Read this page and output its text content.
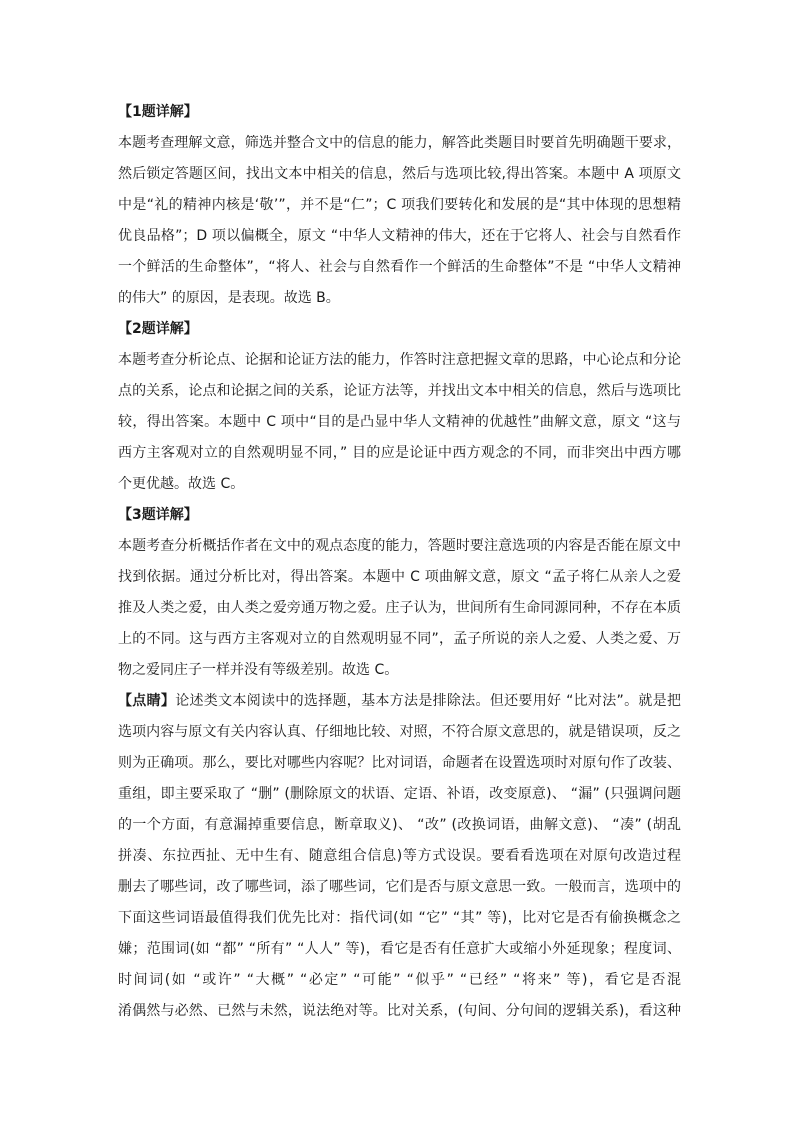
【1题详解】
本题考查理解文意，筛选并整合文中的信息的能力，解答此类题目时要首先明确题干要求，
然后锁定答题区间，找出文本中相关的信息，然后与选项比较,得出答案。本题中 A 项原文
中是“礼的精神内核是‘敬’”，并不是“仁”；C 项我们要转化和发展的是“其中体现的思想精
优良品格”；D 项以偏概全，原文 “中华人文精神的伟大，还在于它将人、社会与自然看作
一个鲜活的生命整体”，“将人、社会与自然看作一个鲜活的生命整体”不是 “中华人文精神
的伟大” 的原因，是表现。故选 B。
【2题详解】
本题考查分析论点、论据和论证方法的能力，作答时注意把握文章的思路，中心论点和分论
点的关系，论点和论据之间的关系，论证方法等，并找出文本中相关的信息，然后与选项比
较，得出答案。本题中 C 项中“目的是凸显中华人文精神的优越性”曲解文意，原文 “这与
西方主客观对立的自然观明显不同，” 目的应是论证中西方观念的不同，而非突出中西方哪
个更优越。故选 C。
【3题详解】
本题考查分析概括作者在文中的观点态度的能力，答题时要注意选项的内容是否能在原文中
找到依据。通过分析比对，得出答案。本题中 C 项曲解文意，原文 “孟子将仁从亲人之爱
推及人类之爱，由人类之爱旁通万物之爱。庄子认为，世间所有生命同源同种，不存在本质
上的不同。这与西方主客观对立的自然观明显不同”，孟子所说的亲人之爱、人类之爱、万
物之爱同庄子一样并没有等级差别。故选 C。
【点睛】论述类文本阅读中的选择题，基本方法是排除法。但还要用好 “比对法”。就是把
选项内容与原文有关内容认真、仔细地比较、对照，不符合原文意思的，就是错误项，反之
则为正确项。那么，要比对哪些内容呢？比对词语，命题者在设置选项时对原句作了改装、
重组，即主要采取了 “删” (删除原文的状语、定语、补语，改变原意)、 “漏” (只强调问题
的一个方面，有意漏掉重要信息，断章取义)、 “改” (改换词语，曲解文意)、 “凑” (胡乱
拼凑、东拉西扯、无中生有、随意组合信息)等方式设误。要看看选项在对原句改造过程
删去了哪些词，改了哪些词，添了哪些词，它们是否与原文意思一致。一般而言，选项中的
下面这些词语最值得我们优先比对：指代词(如 “它” “其” 等)，比对它是否有偷换概念之
嫌；范围词(如 “都” “所有” “人人” 等)，看它是否有任意扩大或缩小外延现象；程度词、
时间词(如 “或许” “大概” “必定” “可能” “似乎” “已经” “将来” 等)，看它是否混
淆偶然与必然、已然与未然，说法绝对等。比对关系，(句间、分句间的逻辑关系)，看这种
